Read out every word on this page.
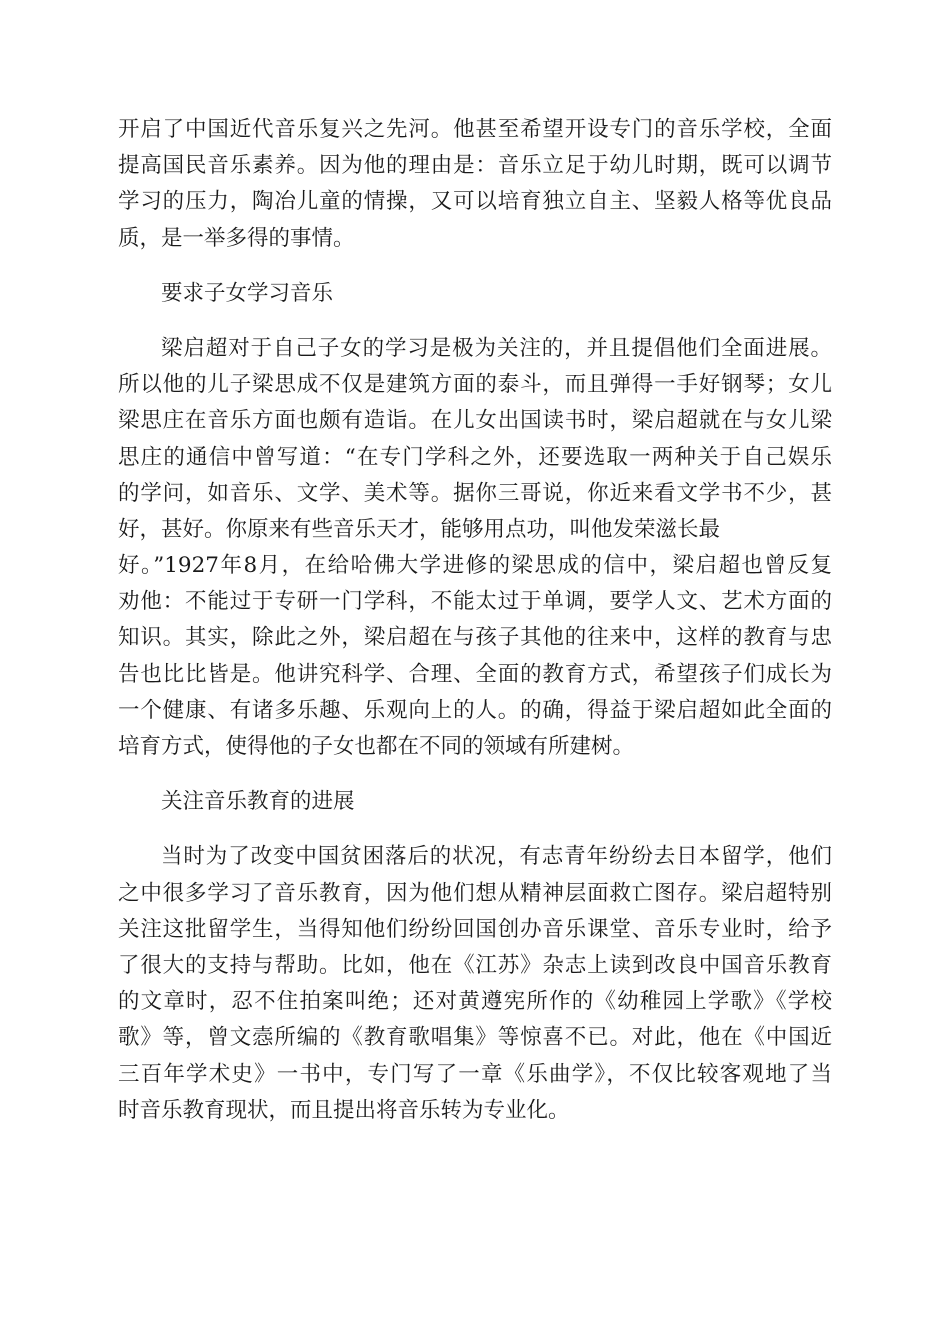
开启了中国近代音乐复兴之先河。他甚至希望开设专门的音乐学校，全面
提高国民音乐素养。因为他的理由是：音乐立足于幼儿时期，既可以调节
学习的压力，陶冶儿童的情操，又可以培育独立自主、坚毅人格等优良品
质，是一举多得的事情。
要求子女学习音乐
梁启超对于自己子女的学习是极为关注的，并且提倡他们全面进展。
所以他的儿子梁思成不仅是建筑方面的泰斗，而且弹得一手好钢琴；女儿
梁思庄在音乐方面也颇有造诣。在儿女出国读书时，梁启超就在与女儿梁
思庄的通信中曾写道：“在专门学科之外，还要选取一两种关于自己娱乐
的学问，如音乐、文学、美术等。据你三哥说，你近来看文学书不少，甚
好，甚好。你原来有些音乐天才，能够用点功，叫他发荣滋长最
好。”1927年8月，在给哈佛大学进修的梁思成的信中，梁启超也曾反复
劝他：不能过于专研一门学科，不能太过于单调，要学人文、艺术方面的
知识。其实，除此之外，梁启超在与孩子其他的往来中，这样的教育与忠
告也比比皆是。他讲究科学、合理、全面的教育方式，希望孩子们成长为
一个健康、有诸多乐趣、乐观向上的人。的确，得益于梁启超如此全面的
培育方式，使得他的子女也都在不同的领域有所建树。
关注音乐教育的进展
当时为了改变中国贫困落后的状况，有志青年纷纷去日本留学，他们
之中很多学习了音乐教育，因为他们想从精神层面救亡图存。梁启超特别
关注这批留学生，当得知他们纷纷回国创办音乐课堂、音乐专业时，给予
了很大的支持与帮助。比如，他在《江苏》杂志上读到改良中国音乐教育
的文章时，忍不住拍案叫绝；还对黄遵宪所作的《幼稚园上学歌》《学校
歌》等，曾文悫所编的《教育歌唱集》等惊喜不已。对此，他在《中国近
三百年学术史》一书中，专门写了一章《乐曲学》，不仅比较客观地了当
时音乐教育现状，而且提出将音乐转为专业化。
